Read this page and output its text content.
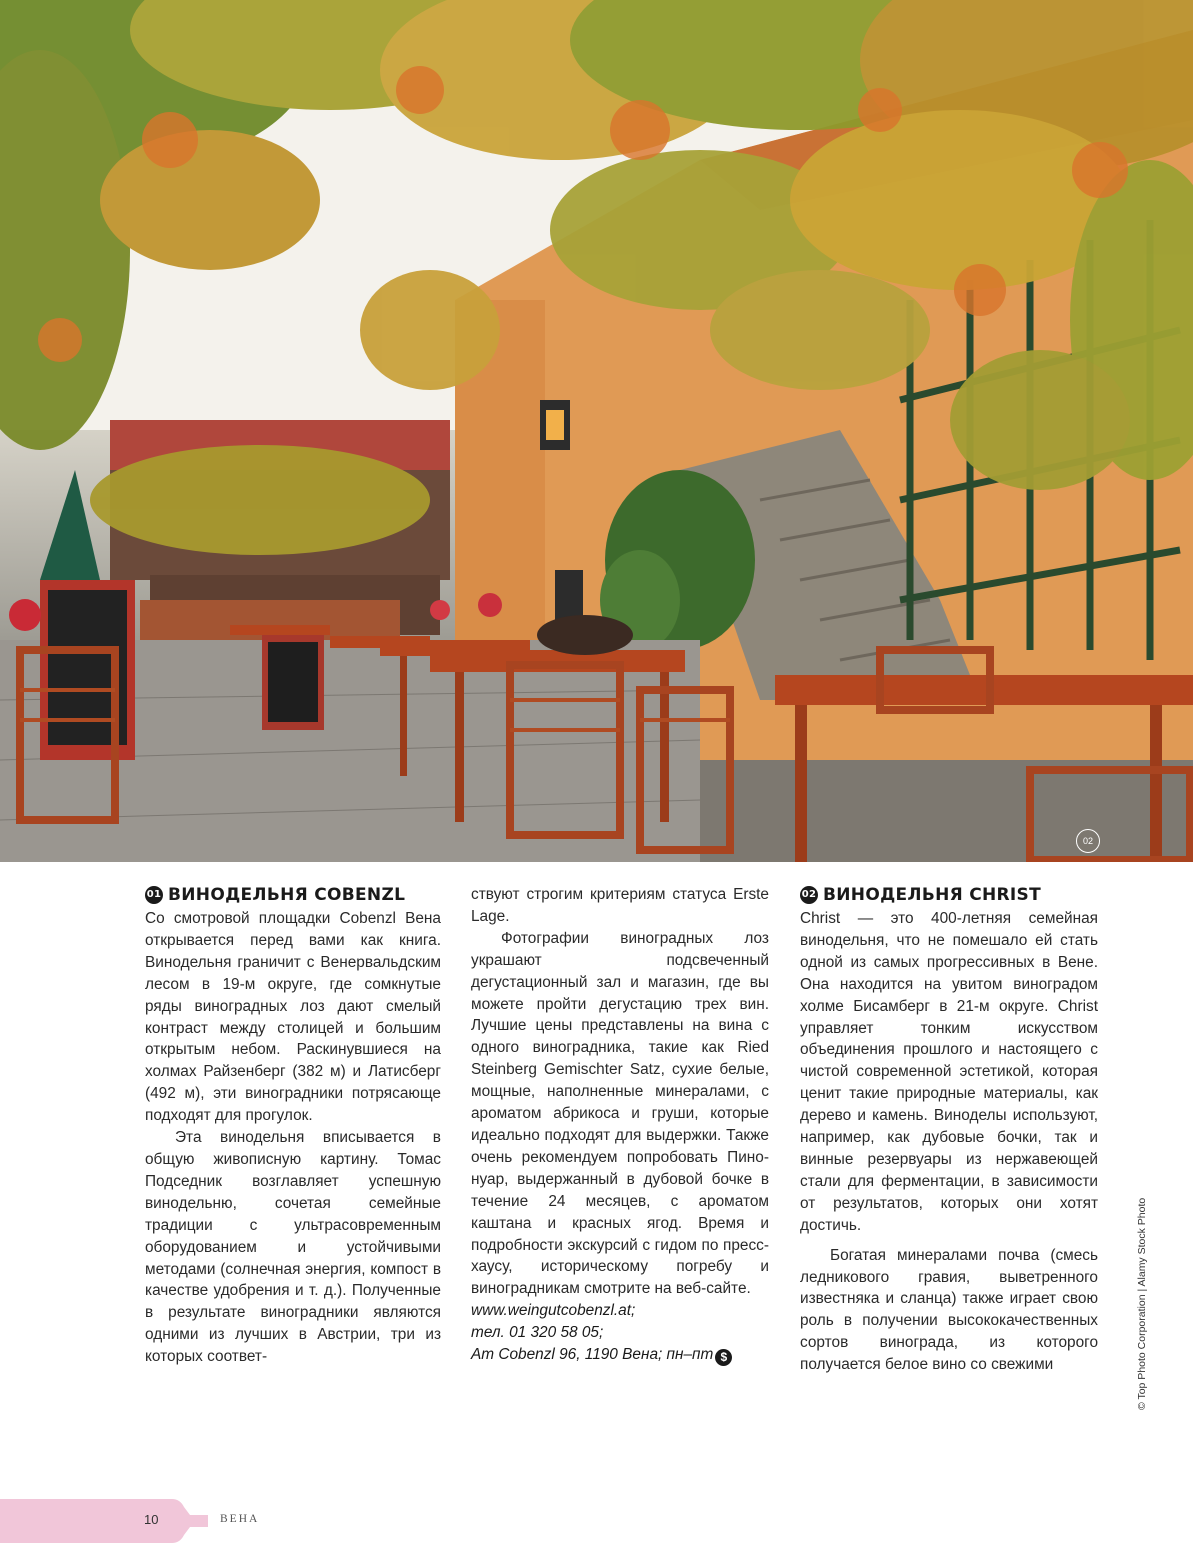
02
01 ВИНОДЕЛЬНЯ COBENZL

Со смотровой площадки Cobenzl Вена открывается перед вами как книга. Винодельня граничит с Венервальдским лесом в 19-м округе, где сомкнутые ряды виноградных лоз дают смелый контраст между столицей и большим открытым небом. Раскинувшиеся на холмах Райзенберг (382 м) и Латисберг (492 м), эти виноградники потрясающе подходят для прогулок.

Эта винодельня вписывается в общую живописную картину. Томас Подседник возглавляет успешную винодельню, сочетая семейные традиции с ультрасовременным оборудованием и устойчивыми методами (солнечная энергия, компост в качестве удобрения и т. д.). Полученные в результате виноградники являются одними из лучших в Австрии, три из которых соответ-

ствуют строгим критериям статуса Erste Lage.

Фотографии виноградных лоз украшают подсвеченный дегустационный зал и магазин, где вы можете пройти дегустацию трех вин. Лучшие цены представлены на вина с одного виноградника, такие как Ried Steinberg Gemischter Satz, сухие белые, мощные, наполненные минералами, с ароматом абрикоса и груши, которые идеально подходят для выдержки. Также очень рекомендуем попробовать Пино-нуар, выдержанный в дубовой бочке в течение 24 месяцев, с ароматом каштана и красных ягод. Время и подробности экскурсий с гидом по пресс-хаусу, историческому погребу и виноградникам смотрите на веб-сайте.

www.weingutcobenzl.at;

тел. 01 320 58 05;

Am Cobenzl 96, 1190 Вена; пн–пт $

02 ВИНОДЕЛЬНЯ CHRIST

Christ — это 400-летняя семейная винодельня, что не помешало ей стать одной из самых прогрессивных в Вене. Она находится на увитом виноградом холме Бисамберг в 21-м округе. Christ управляет тонким искусством объединения прошлого и настоящего с чистой современной эстетикой, которая ценит такие природные материалы, как дерево и камень. Виноделы используют, например, как дубовые бочки, так и винные резервуары из нержавеющей стали для ферментации, в зависимости от результатов, которых они хотят достичь.

Богатая минералами почва (смесь ледникового гравия, выветренного известняка и сланца) также играет свою роль в получении высококачественных сортов винограда, из которого получается белое вино со свежими	© Top Photo Corporation | Alamy Stock Photo
10	ВЕНА
